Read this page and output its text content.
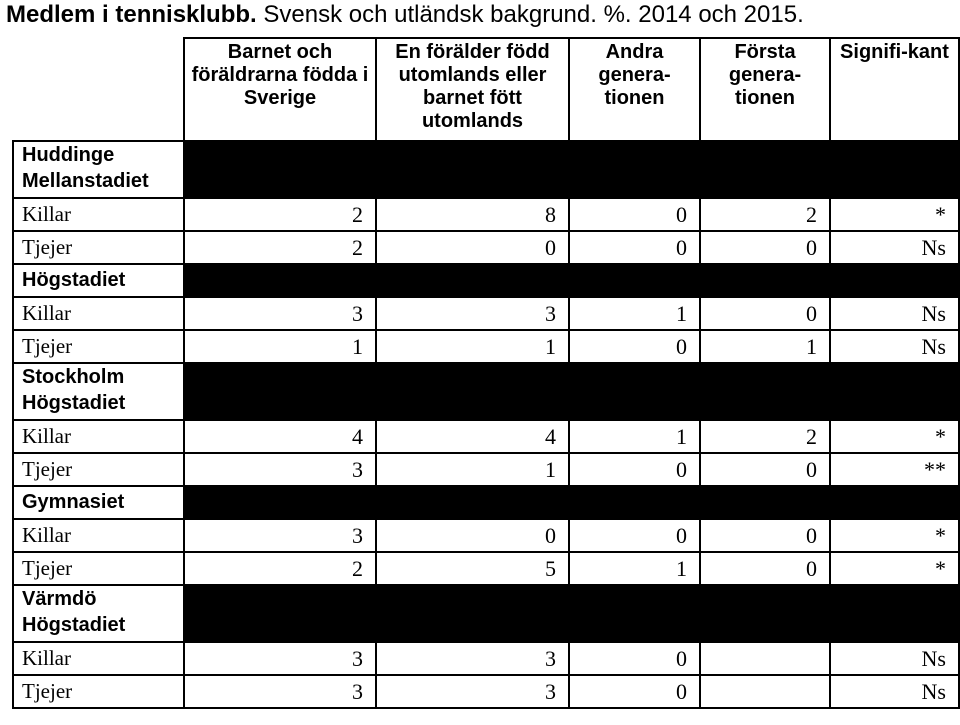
Medlem i tennisklubb. Svensk och utländsk bakgrund. %. 2014 och 2015.
	Barnet och föräldrarna födda i Sverige	En förälder född utomlands eller barnet fött utomlands	Andra genera-tionen	Första genera-tionen	Signifi-kant
Huddinge
Mellanstadiet					
Killar	2	8	0	2	*
Tjejer	2	0	0	0	Ns
Högstadiet					
Killar	3	3	1	0	Ns
Tjejer	1	1	0	1	Ns
Stockholm
Högstadiet					
Killar	4	4	1	2	*
Tjejer	3	1	0	0	**
Gymnasiet					
Killar	3	0	0	0	*
Tjejer	2	5	1	0	*
Värmdö
Högstadiet					
Killar	3	3	0		Ns
Tjejer	3	3	0		Ns
